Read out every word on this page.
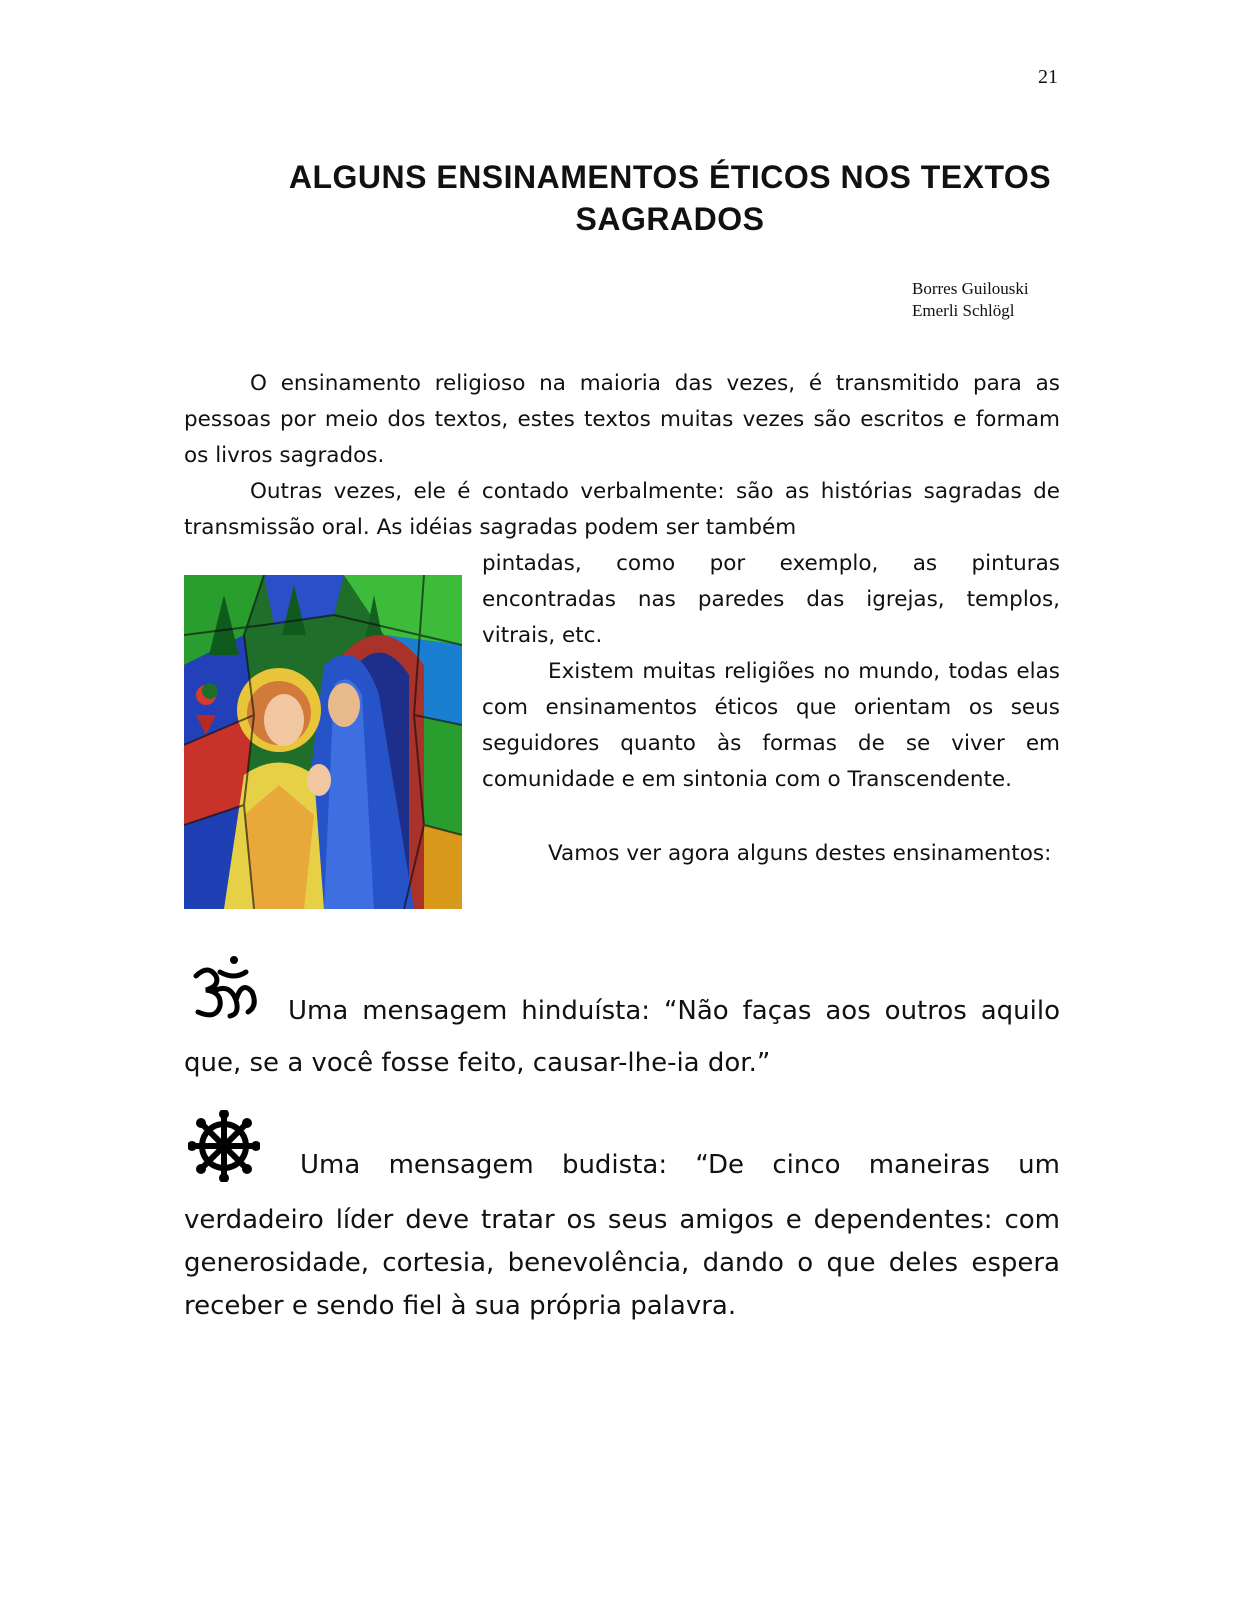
21
ALGUNS ENSINAMENTOS ÉTICOS NOS TEXTOS
SAGRADOS
Borres Guilouski
Emerli Schlögl

O ensinamento religioso na maioria das vezes, é transmitido para as pessoas por meio dos textos, estes textos muitas vezes são escritos e formam os livros sagrados.

Outras vezes, ele é contado verbalmente: são as histórias sagradas de transmissão oral. As idéias sagradas podem ser também

pintadas, como por exemplo, as pinturas encontradas nas paredes das igrejas, templos, vitrais, etc.

Existem muitas religiões no mundo, todas elas com ensinamentos éticos que orientam os seus seguidores quanto às formas de se viver em comunidade e em sintonia com o Transcendente.

Vamos ver agora alguns destes ensinamentos:

Uma mensagem hinduísta: “Não faças aos outros aquilo que, se a você fosse feito, causar-lhe-ia dor.”

Uma mensagem budista: “De cinco maneiras um
verdadeiro líder deve tratar os seus amigos e dependentes: com generosidade, cortesia, benevolência, dando o que deles espera receber e sendo fiel à sua própria palavra.
